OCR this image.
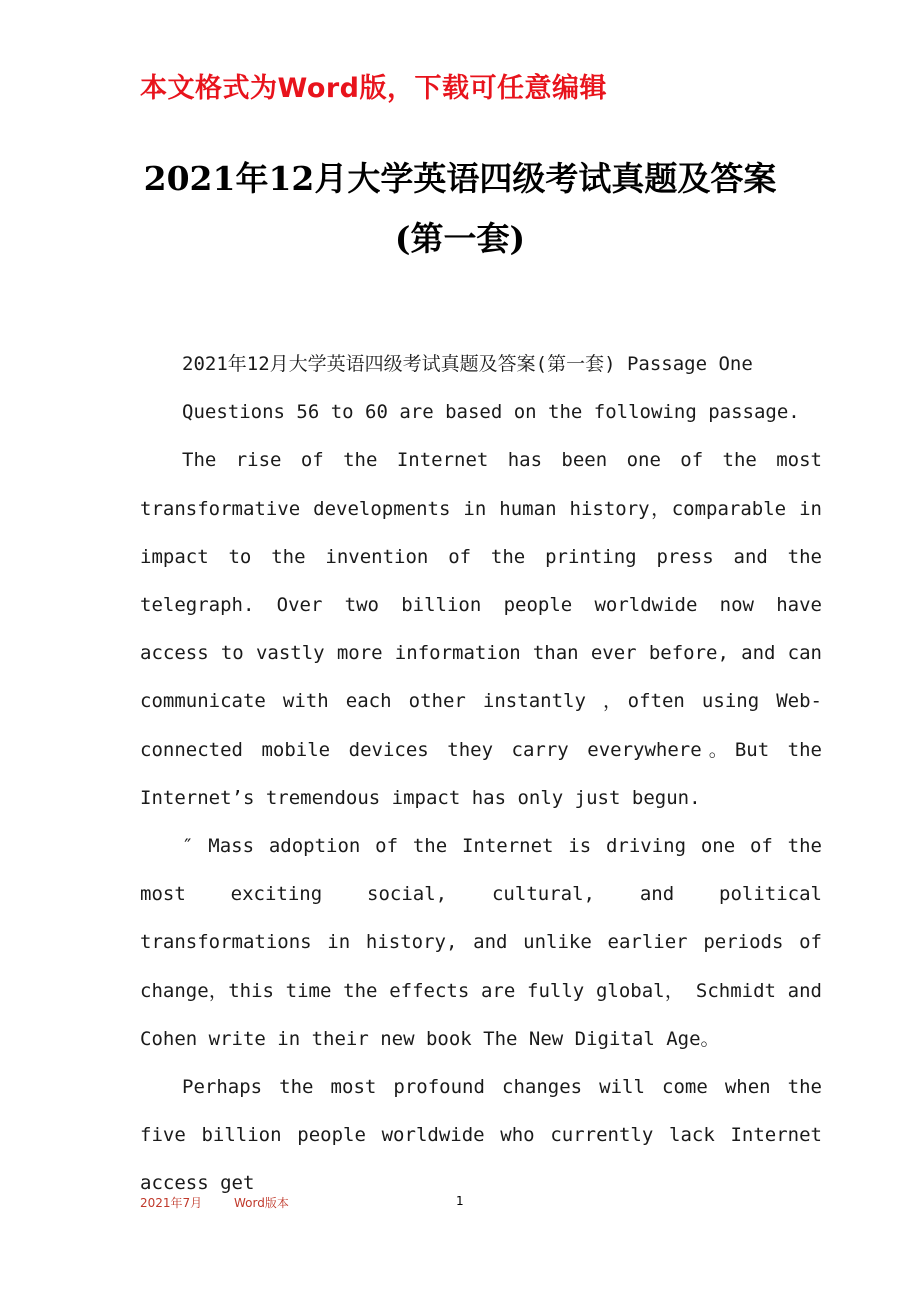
本文格式为Word版，下载可任意编辑
2021年12月大学英语四级考试真题及答案
(第一套)

2021年12月大学英语四级考试真题及答案(第一套) Passage One

Questions 56 to 60 are based on the following passage.

The rise of the Internet has been one of the most transformative developments in human history，comparable in impact to the invention of the printing press and the telegraph. Over two billion people worldwide now have access to vastly more information than ever before, and can communicate with each other instantly ，often using Web-connected mobile devices they carry everywhere。But the Internet’s tremendous impact has only just begun.

″ Mass adoption of the Internet is driving one of the most exciting social, cultural, and political transformations in history, and unlike earlier periods of change，this time the effects are fully global， Schmidt and Cohen write in their new book The New Digital Age。

Perhaps the most profound changes will come when the five billion people worldwide who currently lack Internet access get

2021年7月	Word版本	1
